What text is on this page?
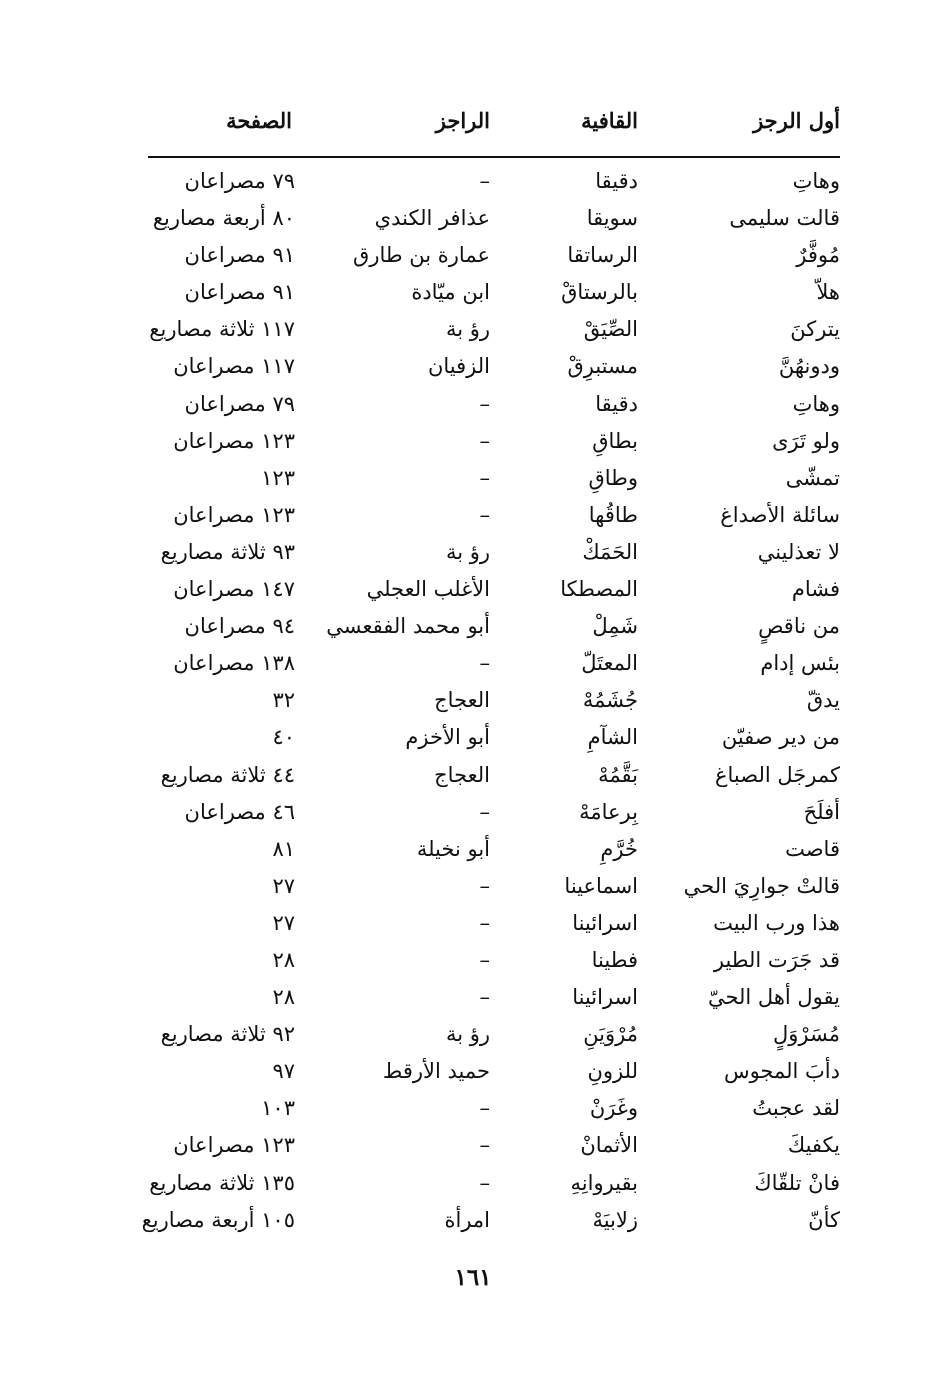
أول الرجز
القافية
الراجز
الصفحة
وهاتِ
دقيقا
–
٧٩ مصراعان
قالت سليمى
سويقا
عذافر الكندي
٨٠ أربعة مصاريع
مُوفَّرٌ
الرساتقا
عمارة بن طارق
٩١ مصراعان
هلاّ
بالرستاقْ
ابن ميّادة
٩١ مصراعان
يتركنَ
الصِّيَقْ
رؤ بة
١١٧ ثلاثة مصاريع
ودونهُنَّ
مستبرِقْ
الزفيان
١١٧ مصراعان
وهاتِ
دقيقا
–
٧٩ مصراعان
ولو تَرَى
بطاقِ
–
١٢٣ مصراعان
تمشّى
وطاقِ
–
١٢٣
سائلة الأصداغ
طاقُها
–
١٢٣ مصراعان
لا تعذليني
الحَمَكْ
رؤ بة
٩٣ ثلاثة مصاريع
فشام
المصطكا
الأغلب العجلي
١٤٧ مصراعان
من ناقصٍ
شَمِلْ
أبو محمد الفقعسي
٩٤ مصراعان
بئس إدام
المعتَلّ
–
١٣٨ مصراعان
يدقّ
جُشَمُهْ
العجاج
٣٢
من دير صفيّن
الشآمِ
أبو الأخزم
٤٠
كمرجَل الصباغ
بَقَّمُهْ
العجاج
٤٤ ثلاثة مصاريع
أفلَحَ
بِرعامَهْ
–
٤٦ مصراعان
قاصت
خُرَّمِ
أبو نخيلة
٨١
قالتْ جوارِيَ الحي
اسماعينا
–
٢٧
هذا ورب البيت
اسرائينا
–
٢٧
قد جَرَت الطير
فطينا
–
٢٨
يقول أهل الحيّ
اسرائينا
–
٢٨
مُسَرْوَلٍ
مُرْوَيَنِ
رؤ بة
٩٢ ثلاثة مصاريع
دأبَ المجوس
للزونِ
حميد الأرقط
٩٧
لقد عجبتُ
وغَرَنْ
–
١٠٣
يكفيكَ
الأثمانْ
–
١٢٣ مصراعان
فانْ تلقّاكَ
بقيروانِهِ
–
١٣٥ ثلاثة مصاريع
كأنّ
زلابيَهْ
امرأة
١٠٥ أربعة مصاريع
١٦١
